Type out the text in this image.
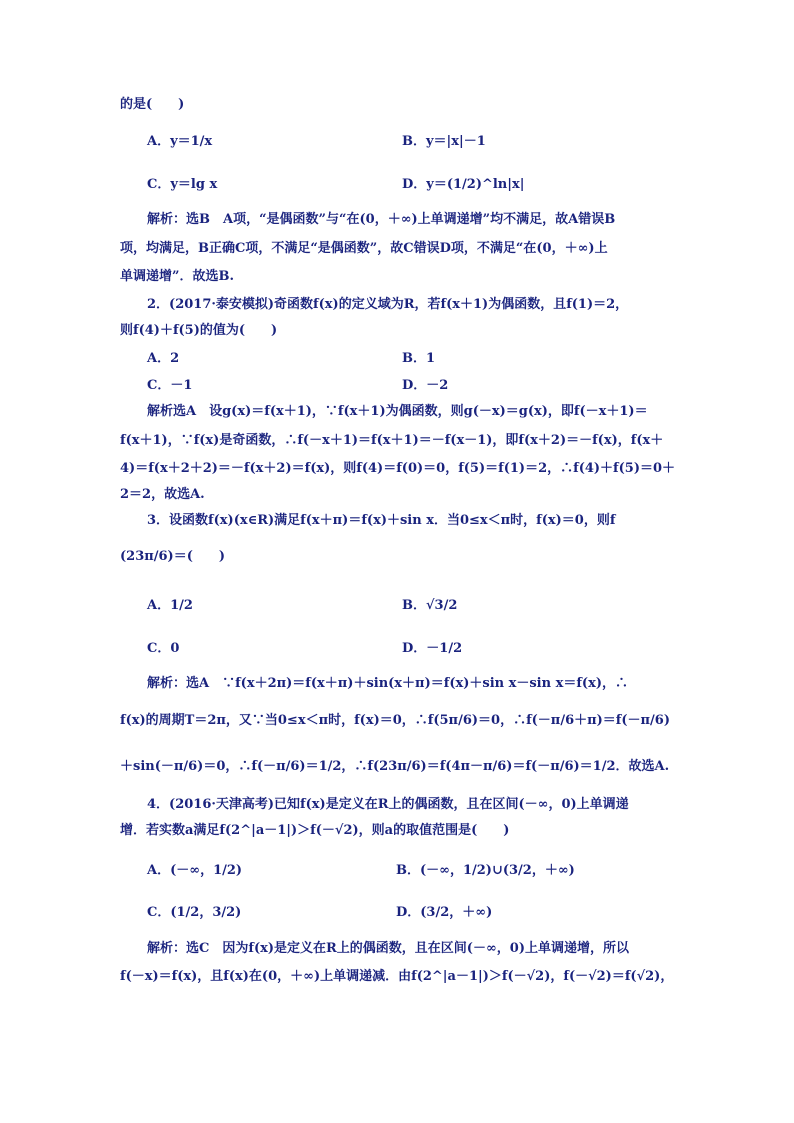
的是(　　)
A．y＝1/x	B．y＝|x|－1
C．y＝lg x	D．y＝(1/2)^ln|x|
解析：选B　A项，“是偶函数”与“在(0，＋∞)上单调递增”均不满足，故A错误B
项，均满足，B正确C项，不满足“是偶函数”，故C错误D项，不满足“在(0，＋∞)上
单调递增”．故选B.
2．(2017·泰安模拟)奇函数f(x)的定义域为R，若f(x＋1)为偶函数，且f(1)＝2，
则f(4)＋f(5)的值为(　　)
A．2	B．1
C．－1	D．－2
解析选A　设g(x)＝f(x＋1)，∵f(x＋1)为偶函数，则g(－x)＝g(x)，即f(－x＋1)＝
f(x＋1)，∵f(x)是奇函数，∴f(－x＋1)＝f(x＋1)＝－f(x－1)，即f(x＋2)＝－f(x)，f(x＋
4)＝f(x＋2＋2)＝－f(x＋2)＝f(x)，则f(4)＝f(0)＝0，f(5)＝f(1)＝2，∴f(4)＋f(5)＝0＋
2＝2，故选A.
3．设函数f(x)(x∈R)满足f(x＋π)＝f(x)＋sin x．当0≤x＜π时，f(x)＝0，则f
(23π/6)＝(　　)
A．1/2	B．√3/2
C．0	D．－1/2
解析：选A　∵f(x＋2π)＝f(x＋π)＋sin(x＋π)＝f(x)＋sin x－sin x＝f(x)，∴
f(x)的周期T＝2π，又∵当0≤x＜π时，f(x)＝0，∴f(5π/6)＝0，∴f(－π/6＋π)＝f(－π/6)
＋sin(－π/6)＝0，∴f(－π/6)＝1/2，∴f(23π/6)＝f(4π－π/6)＝f(－π/6)＝1/2．故选A.
4．(2016·天津高考)已知f(x)是定义在R上的偶函数，且在区间(－∞，0)上单调递
增．若实数a满足f(2^|a－1|)＞f(－√2)，则a的取值范围是(　　)
A．(－∞，1/2)	B．(－∞，1/2)∪(3/2，＋∞)
C．(1/2，3/2)	D．(3/2，＋∞)
解析：选C　因为f(x)是定义在R上的偶函数，且在区间(－∞，0)上单调递增，所以
f(－x)＝f(x)，且f(x)在(0，＋∞)上单调递减．由f(2^|a－1|)＞f(－√2)，f(－√2)＝f(√2)，
